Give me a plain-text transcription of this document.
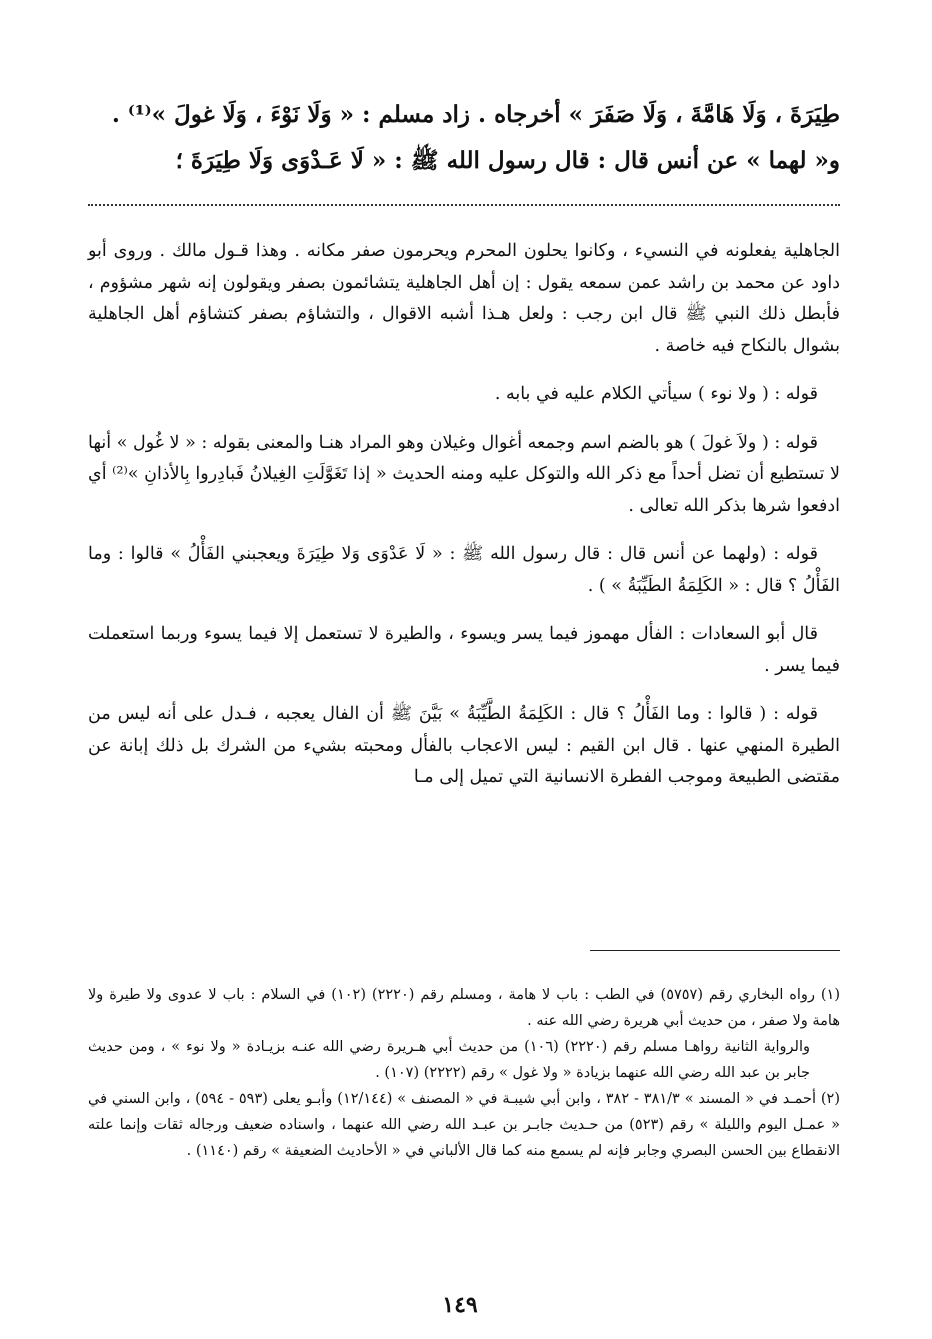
طِيَرَةَ ، وَلَا هَامَّةَ ، وَلَا صَفَرَ » أخرجاه . زاد مسلم : « وَلَا نَوْءَ ، وَلَا غولَ »⁽¹⁾ .
و« لهما » عن أنس قال : قال رسول الله ﷺ : « لَا عَـدْوَى وَلَا طِيَرَةَ ؛

الجاهلية يفعلونه في النسيء ، وكانوا يحلون المحرم ويحرمون صفر مكانه . وهذا قـول مالك . وروى أبو داود عن محمد بن راشد عمن سمعه يقول : إن أهل الجاهلية يتشائمون بصفر ويقولون إنه شهر مشؤوم ، فأبطل ذلك النبي ﷺ قال ابن رجب : ولعل هـذا أشبه الاقوال ، والتشاؤم بصفر كتشاؤم أهل الجاهلية بشوال بالنكاح فيه خاصة .

قوله : ( ولا نوء ) سيأتي الكلام عليه في بابه .

قوله : ( ولاَ غولَ ) هو بالضم اسم وجمعه أغوال وغيلان وهو المراد هنـا والمعنى بقوله : « لا غُول » أنها لا تستطيع أن تضل أحداً مع ذكر الله والتوكل عليه ومنه الحديث « إذا تَغَوَّلَتِ الغِيلانُ فَبادِروا بِالأذانِ »⁽²⁾ أي ادفعوا شرها بذكر الله تعالى .

قوله : (ولهما عن أنس قال : قال رسول الله ﷺ : « لَا عَدْوَى وَلا طِيَرَةَ ويعجبني الفَأْلُ » قالوا : وما الفَأْلُ ؟ قال : « الكَلِمَةُ الطَيِّبَةُ » ) .

قال أبو السعادات : الفأل مهموز فيما يسر ويسوء ، والطيرة لا تستعمل إلا فيما يسوء وربما استعملت فيما يسر .

قوله : ( قالوا : وما الفَأْلُ ؟ قال : الكَلِمَةُ الطَّيِّبَةُ » بَيَّنَ ﷺ أن الفال يعجبه ، فـدل على أنه ليس من الطيرة المنهي عنها . قال ابن القيم : ليس الاعجاب بالفأل ومحبته بشيء من الشرك بل ذلك إبانة عن مقتضى الطبيعة وموجب الفطرة الانسانية التي تميل إلى مـا

(١) رواه البخاري رقم (٥٧٥٧) في الطب : باب لا هامة ، ومسلم رقم (٢٢٢٠) (١٠٢) في السلام : باب لا عدوى ولا طيرة ولا هامة ولا صفر ، من حديث أبي هريرة رضي الله عنه .

والرواية الثانية رواهـا مسلم رقم (٢٢٢٠) (١٠٦) من حديث أبي هـريرة رضي الله عنـه بزيـادة « ولا نوء » ، ومن حديث جابر بن عبد الله رضي الله عنهما بزيادة « ولا غول » رقم (٢٢٢٢) (١٠٧) .

(٢) أحمـد في « المسند » ٣٨١/٣ - ٣٨٢ ، وابن أبي شيبـة في « المصنف » (١٢/١٤٤) وأبـو يعلى (٥٩٣ - ٥٩٤) ، وابن السني في « عمـل اليوم والليلة » رقم (٥٢٣) من حـديث جابـر بن عبـد الله رضي الله عنهما ، واسناده ضعيف ورجاله ثقات وإنما علته الانقطاع بين الحسن البصري وجابر فإنه لم يسمع منه كما قال الألباني في « الأحاديث الضعيفة » رقم (١١٤٠) .

١٤٩
